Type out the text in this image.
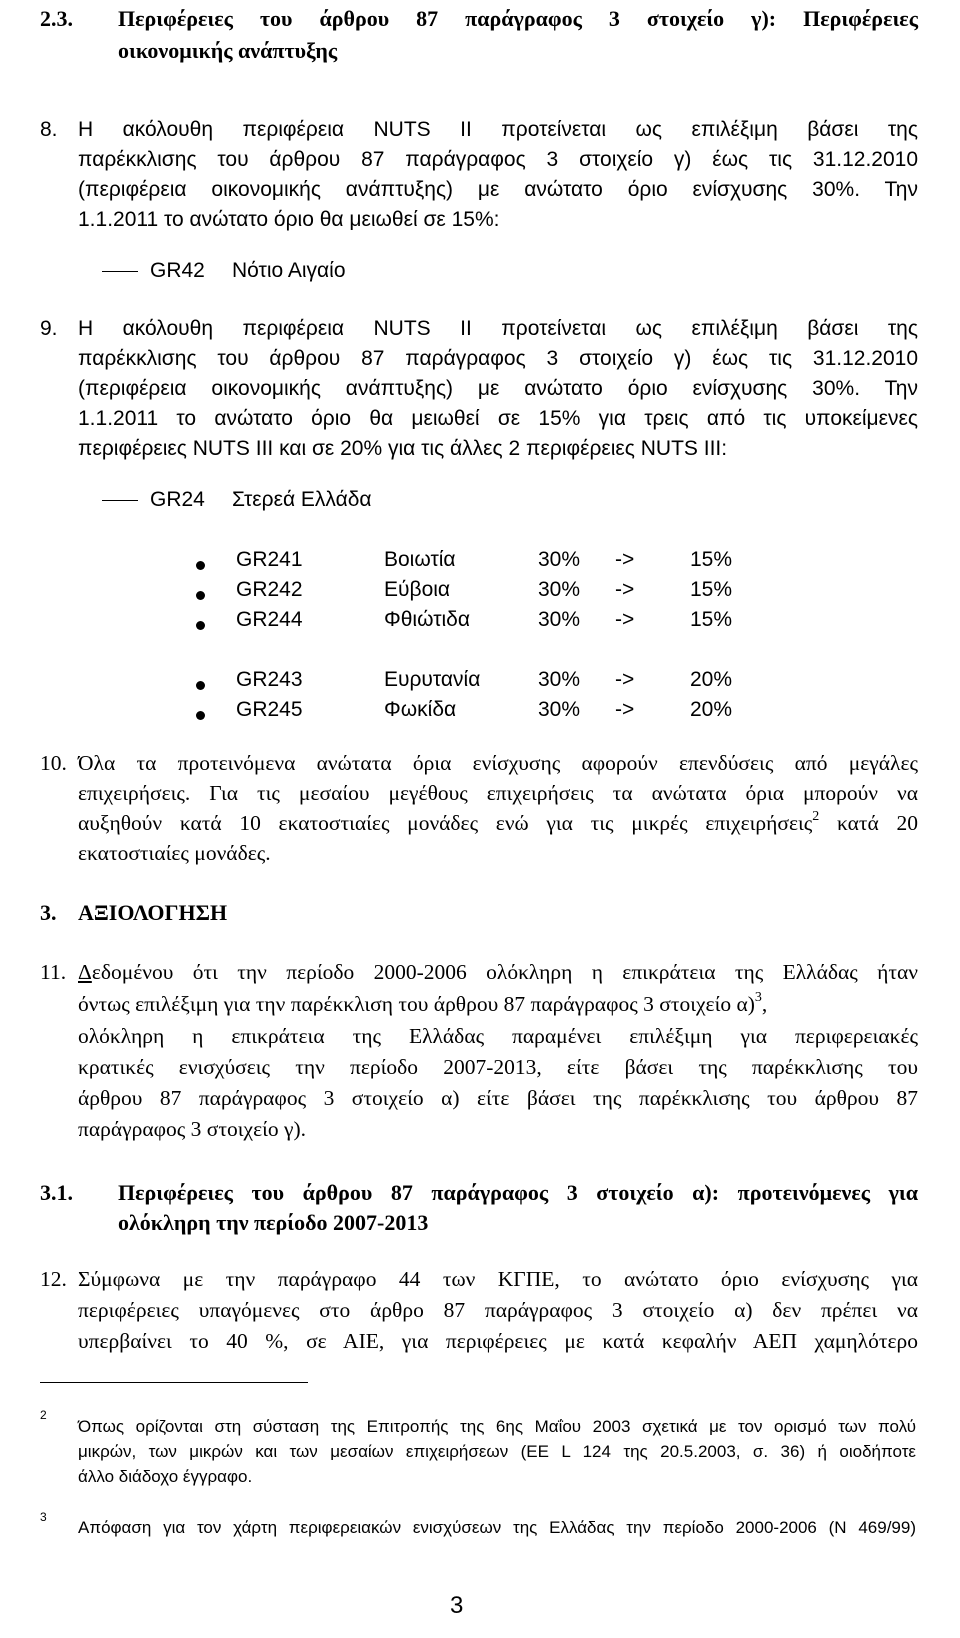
2.3. Περιφέρειες του άρθρου 87 παράγραφος 3 στοιχείο γ): Περιφέρειες
οικονομικής ανάπτυξης
8. Η ακόλουθη περιφέρεια NUTS II προτείνεται ως επιλέξιμη βάσει της
παρέκκλισης του άρθρου 87 παράγραφος 3 στοιχείο γ) έως τις 31.12.2010
(περιφέρεια οικονομικής ανάπτυξης) με ανώτατο όριο ενίσχυσης 30%. Την
1.1.2011 το ανώτατο όριο θα μειωθεί σε 15%:
GR42 Νότιο Αιγαίο
9. Η ακόλουθη περιφέρεια NUTS II προτείνεται ως επιλέξιμη βάσει της
παρέκκλισης του άρθρου 87 παράγραφος 3 στοιχείο γ) έως τις 31.12.2010
(περιφέρεια οικονομικής ανάπτυξης) με ανώτατο όριο ενίσχυσης 30%. Την
1.1.2011 το ανώτατο όριο θα μειωθεί σε 15% για τρεις από τις υποκείμενες
περιφέρειες NUTS III και σε 20% για τις άλλες 2 περιφέρειες NUTS III:
GR24 Στερεά Ελλάδα
GR241	Βοιωτία	30% ->	15%
GR242	Εύβοια	30% ->	15%
GR244	Φθιώτιδα	30% ->	15%
GR243	Ευρυτανία	30% ->	20%
GR245	Φωκίδα	30% ->	20%
10. Όλα τα προτεινόμενα ανώτατα όρια ενίσχυσης αφορούν επενδύσεις από μεγάλες
επιχειρήσεις. Για τις μεσαίου μεγέθους επιχειρήσεις τα ανώτατα όρια μπορούν να
αυξηθούν κατά 10 εκατοστιαίες μονάδες ενώ για τις μικρές επιχειρήσεις$^2$ κατά 20
εκατοστιαίες μονάδες.
3. ΑΞΙΟΛΟΓΗΣΗ
11. Δεδομένου ότι την περίοδο 2000-2006 ολόκληρη η επικράτεια της Ελλάδας ήταν
όντως επιλέξιμη για την παρέκκλιση του άρθρου 87 παράγραφος 3 στοιχείο α)$^3$,
ολόκληρη η επικράτεια της Ελλάδας παραμένει επιλέξιμη για περιφερειακές
κρατικές ενισχύσεις την περίοδο 2007-2013, είτε βάσει της παρέκκλισης του
άρθρου 87 παράγραφος 3 στοιχείο α) είτε βάσει της παρέκκλισης του άρθρου 87
παράγραφος 3 στοιχείο γ).
3.1. Περιφέρειες του άρθρου 87 παράγραφος 3 στοιχείο α): προτεινόμενες για
ολόκληρη την περίοδο 2007-2013
12. Σύμφωνα με την παράγραφο 44 των ΚΓΠΕ, το ανώτατο όριο ενίσχυσης για
περιφέρειες υπαγόμενες στο άρθρο 87 παράγραφος 3 στοιχείο α) δεν πρέπει να
υπερβαίνει το 40 %, σε ΑΙΕ, για περιφέρειες με κατά κεφαλήν ΑΕΠ χαμηλότερο
2
Όπως ορίζονται στη σύσταση της Επιτροπής της 6ης Μαΐου 2003 σχετικά με τον ορισμό των πολύ
μικρών, των μικρών και των μεσαίων επιχειρήσεων (ΕΕ L 124 της 20.5.2003, σ. 36) ή οιοδήποτε
άλλο διάδοχο έγγραφο.
3
Απόφαση για τον χάρτη περιφερειακών ενισχύσεων της Ελλάδας την περίοδο 2000-2006 (Ν 469/99)
3
